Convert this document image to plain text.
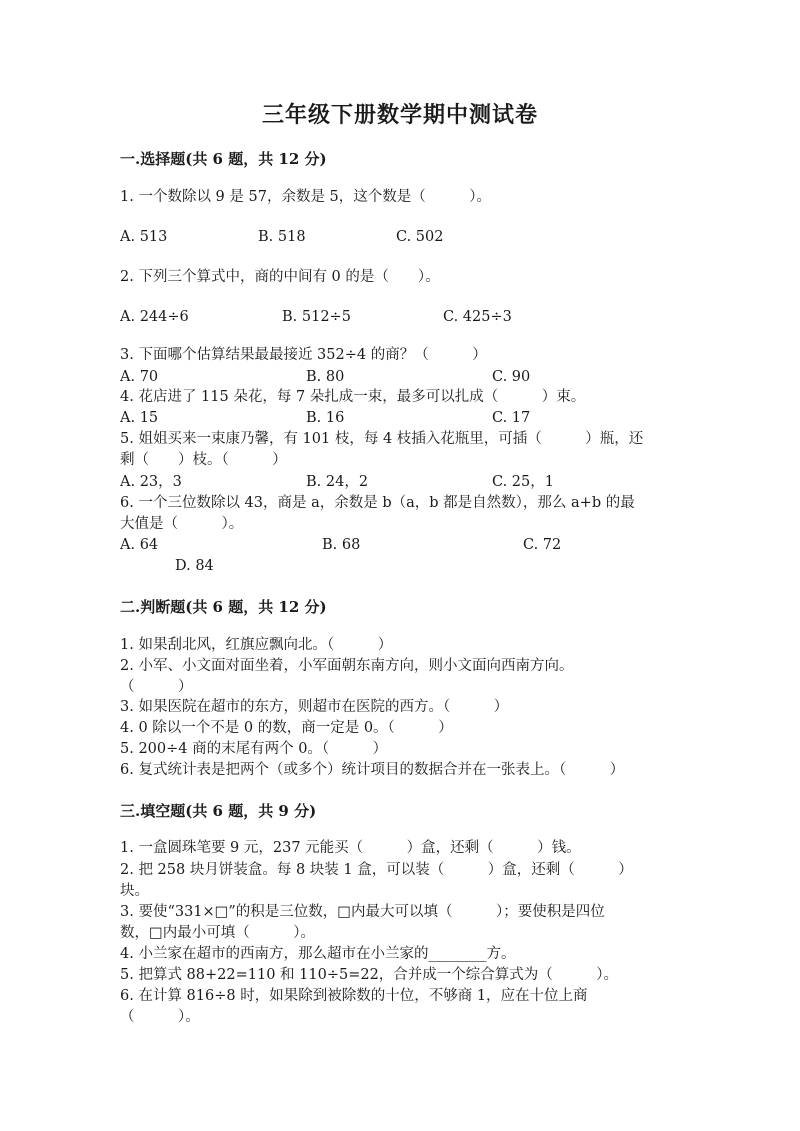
三年级下册数学期中测试卷
一.选择题(共 6 题，共 12 分)
1. 一个数除以 9 是 57，余数是 5，这个数是（　　　）。
A. 513	B. 518	C. 502
2. 下列三个算式中，商的中间有 0 的是（　　）。
A. 244÷6	B. 512÷5	C. 425÷3
3. 下面哪个估算结果最最接近 352÷4 的商？（　　　）
A. 70	B. 80	C. 90
4. 花店进了 115 朵花，每 7 朵扎成一束，最多可以扎成（　　　）束。
A. 15	B. 16	C. 17
5. 姐姐买来一束康乃馨，有 101 枝，每 4 枝插入花瓶里，可插（　　　）瓶，还
剩（　　）枝。（　　　）
A. 23，3	B. 24，2	C. 25，1
6. 一个三位数除以 43，商是 a，余数是 b（a，b 都是自然数），那么 a+b 的最
大值是（　　　）。
A. 64	B. 68	C. 72
D. 84
二.判断题(共 6 题，共 12 分)
1. 如果刮北风，红旗应飘向北。（　　　）
2. 小军、小文面对面坐着，小军面朝东南方向，则小文面向西南方向。
（　　　）
3. 如果医院在超市的东方，则超市在医院的西方。（　　　）
4. 0 除以一个不是 0 的数，商一定是 0。（　　　）
5. 200÷4 商的末尾有两个 0。（　　　）
6. 复式统计表是把两个（或多个）统计项目的数据合并在一张表上。（　　　）
三.填空题(共 6 题，共 9 分)
1. 一盒圆珠笔要 9 元，237 元能买（　　　）盒，还剩（　　　）钱。
2. 把 258 块月饼装盒。每 8 块装 1 盒，可以装（　　　）盒，还剩（　　　）
块。
3. 要使“331×□”的积是三位数，□内最大可以填（　　　）；要使积是四位
数，□内最小可填（　　　）。
4. 小兰家在超市的西南方，那么超市在小兰家的________方。
5. 把算式 88+22=110 和 110÷5=22，合并成一个综合算式为（　　　）。
6. 在计算 816÷8 时，如果除到被除数的十位，不够商 1，应在十位上商
（　　　）。
